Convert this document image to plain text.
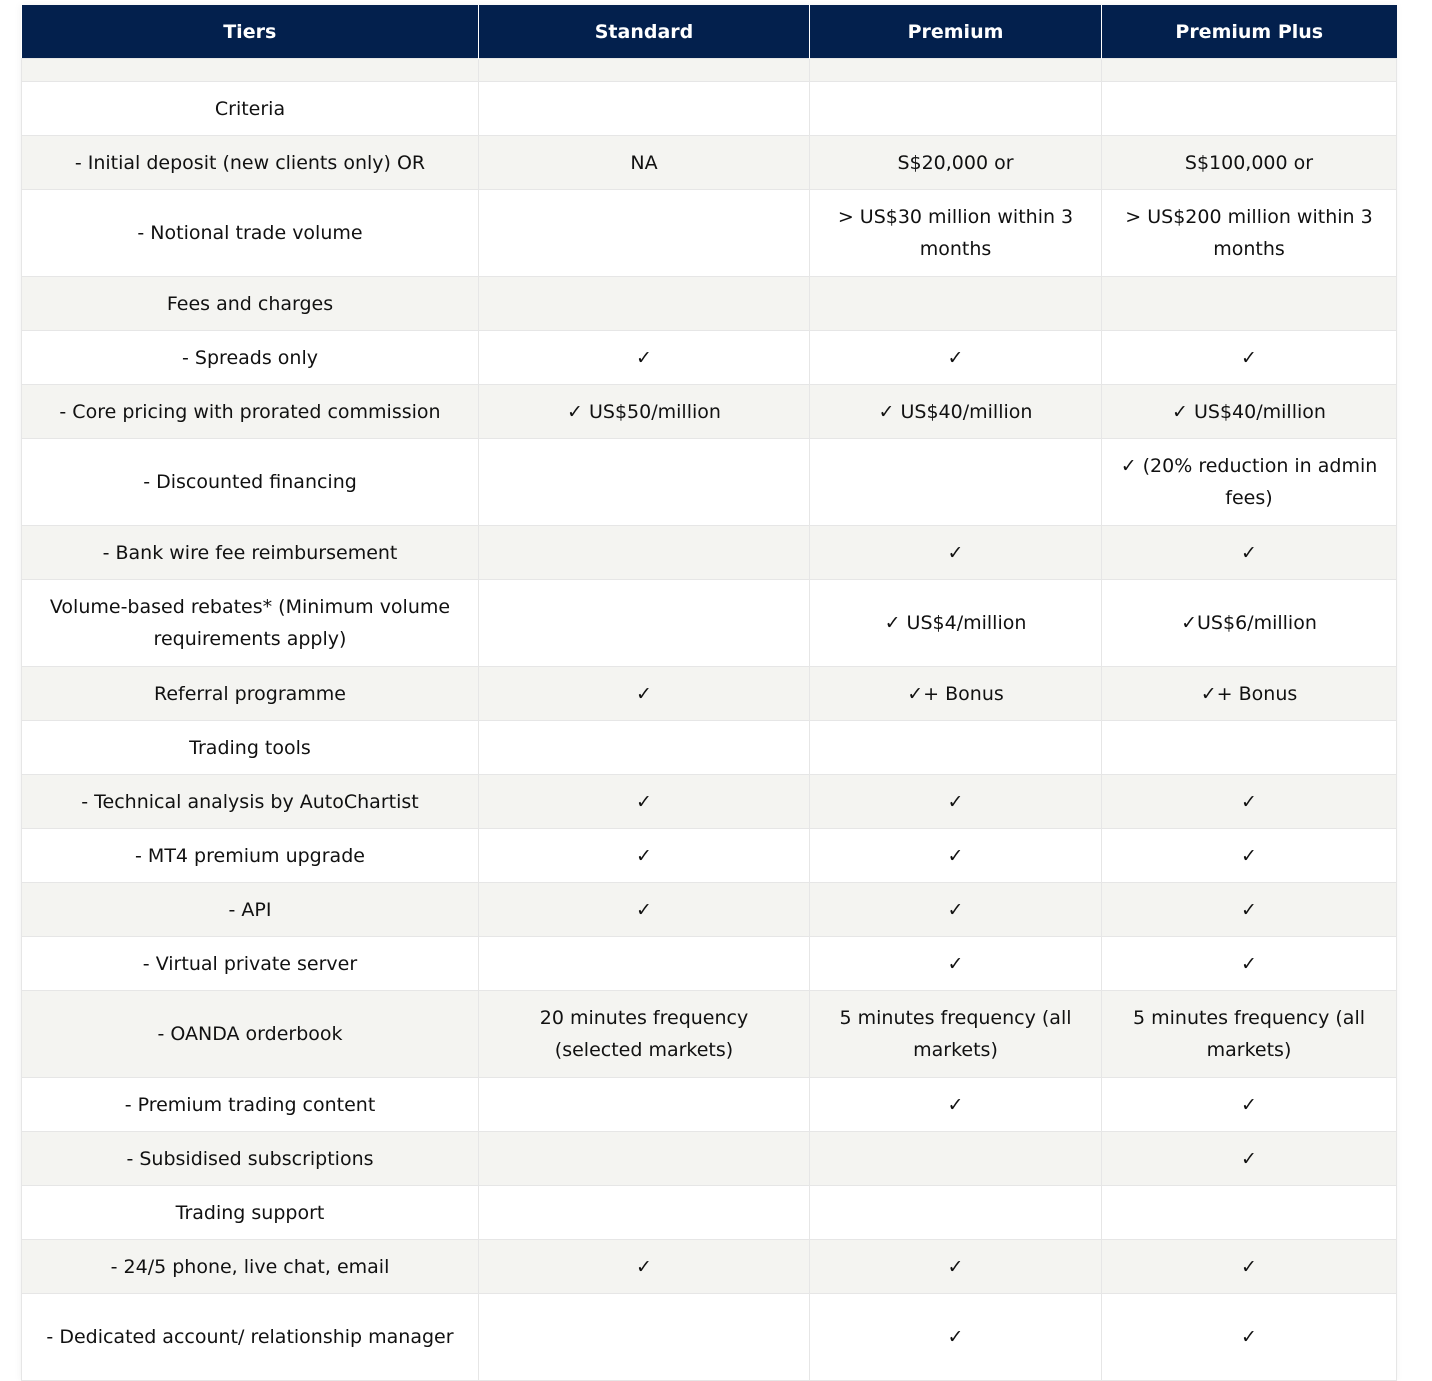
Tiers	Standard	Premium	Premium Plus

Criteria			
- Initial deposit (new clients only) OR	NA	S$20,000 or	S$100,000 or
- Notional trade volume		> US$30 million within 3 months	> US$200 million within 3 months
Fees and charges			
- Spreads only	✓	✓	✓
- Core pricing with prorated commission	✓ US$50/million	✓ US$40/million	✓ US$40/million
- Discounted financing			✓ (20% reduction in admin fees)
- Bank wire fee reimbursement		✓	✓
Volume-based rebates* (Minimum volume requirements apply)		✓ US$4/million	✓US$6/million
Referral programme	✓	✓+ Bonus	✓+ Bonus
Trading tools			
- Technical analysis by AutoChartist	✓	✓	✓
- MT4 premium upgrade	✓	✓	✓
- API	✓	✓	✓
- Virtual private server		✓	✓
- OANDA orderbook	20 minutes frequency (selected markets)	5 minutes frequency (all markets)	5 minutes frequency (all markets)
- Premium trading content		✓	✓
- Subsidised subscriptions			✓
Trading support			
- 24/5 phone, live chat, email	✓	✓	✓
- Dedicated account/ relationship manager		✓	✓
